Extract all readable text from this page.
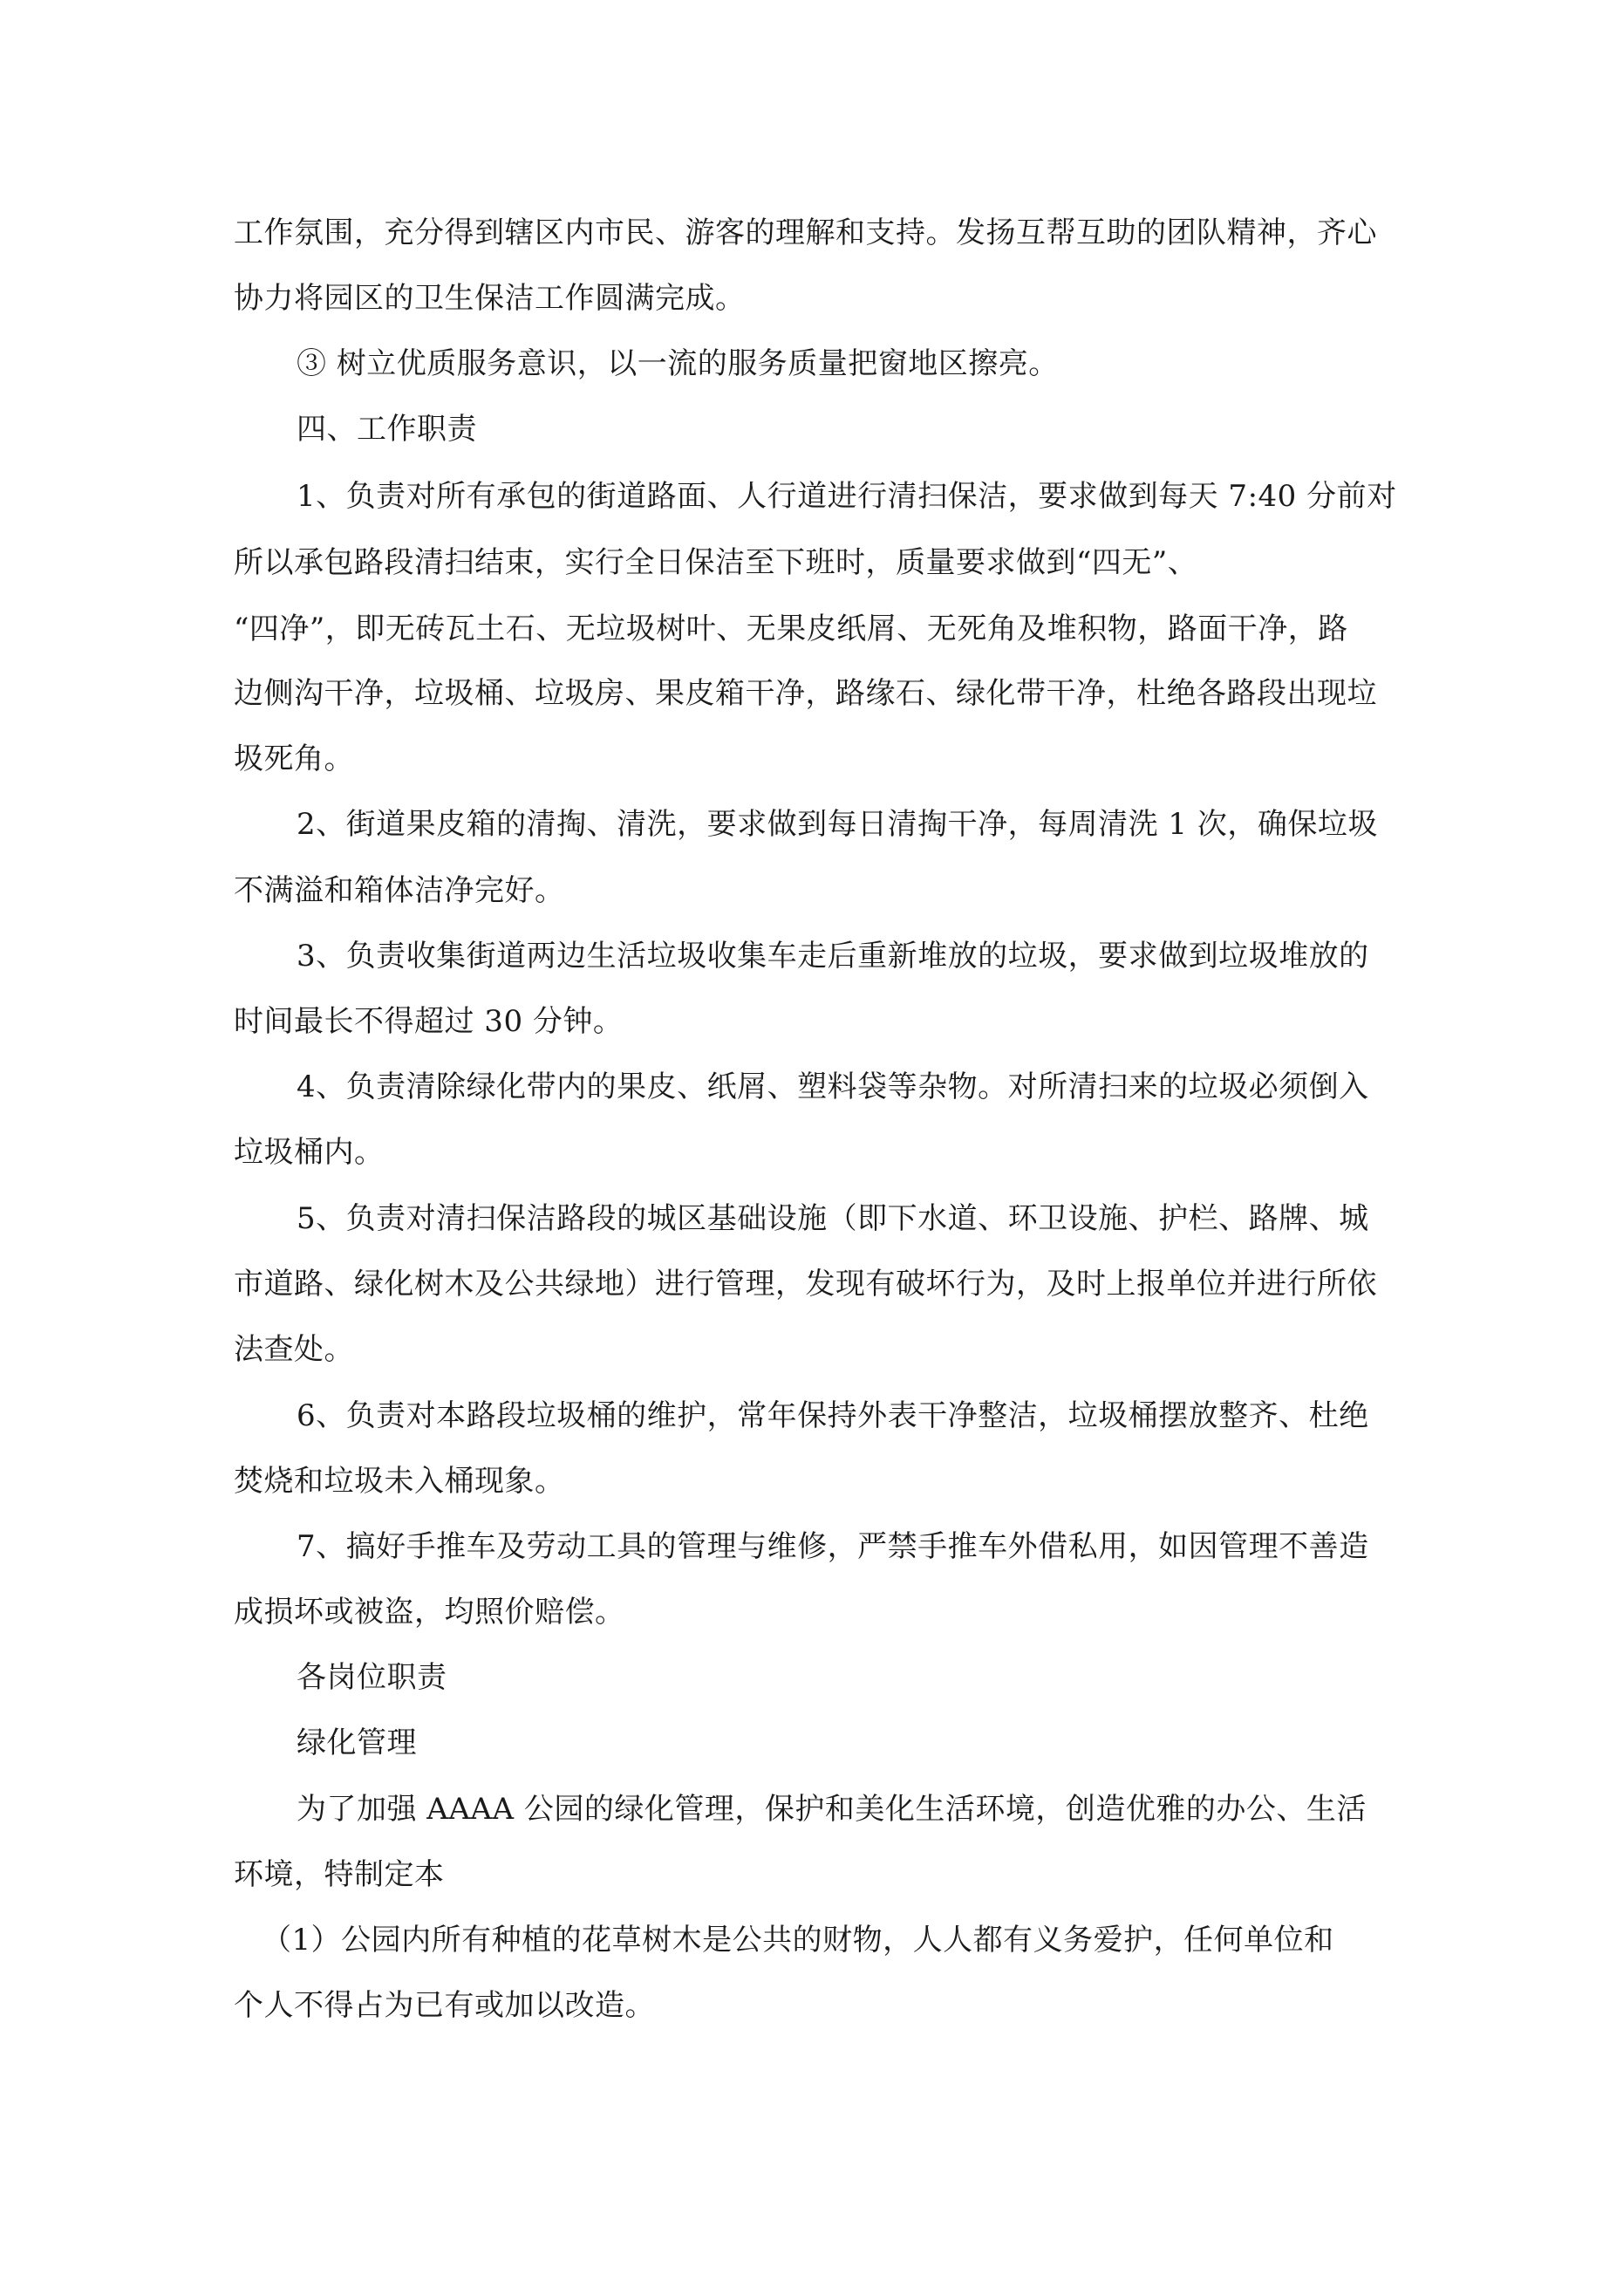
工作氛围，充分得到辖区内市民、游客的理解和支持。发扬互帮互助的团队精神，齐心
协力将园区的卫生保洁工作圆满完成。
③ 树立优质服务意识，以一流的服务质量把窗地区擦亮。
四、工作职责
1、负责对所有承包的街道路面、人行道进行清扫保洁，要求做到每天 7:40 分前对
所以承包路段清扫结束，实行全日保洁至下班时，质量要求做到“四无”、
“四净”，即无砖瓦土石、无垃圾树叶、无果皮纸屑、无死角及堆积物，路面干净，路
边侧沟干净，垃圾桶、垃圾房、果皮箱干净，路缘石、绿化带干净，杜绝各路段出现垃
圾死角。
2、街道果皮箱的清掏、清洗，要求做到每日清掏干净，每周清洗 1 次，确保垃圾
不满溢和箱体洁净完好。
3、负责收集街道两边生活垃圾收集车走后重新堆放的垃圾，要求做到垃圾堆放的
时间最长不得超过 30 分钟。
4、负责清除绿化带内的果皮、纸屑、塑料袋等杂物。对所清扫来的垃圾必须倒入
垃圾桶内。
5、负责对清扫保洁路段的城区基础设施（即下水道、环卫设施、护栏、路牌、城
市道路、绿化树木及公共绿地）进行管理，发现有破坏行为，及时上报单位并进行所依
法查处。
6、负责对本路段垃圾桶的维护，常年保持外表干净整洁，垃圾桶摆放整齐、杜绝
焚烧和垃圾未入桶现象。
7、搞好手推车及劳动工具的管理与维修，严禁手推车外借私用，如因管理不善造
成损坏或被盗，均照价赔偿。
各岗位职责
绿化管理
为了加强 AAAA 公园的绿化管理，保护和美化生活环境，创造优雅的办公、生活
环境，特制定本
（1）公园内所有种植的花草树木是公共的财物，人人都有义务爱护，任何单位和
个人不得占为已有或加以改造。
